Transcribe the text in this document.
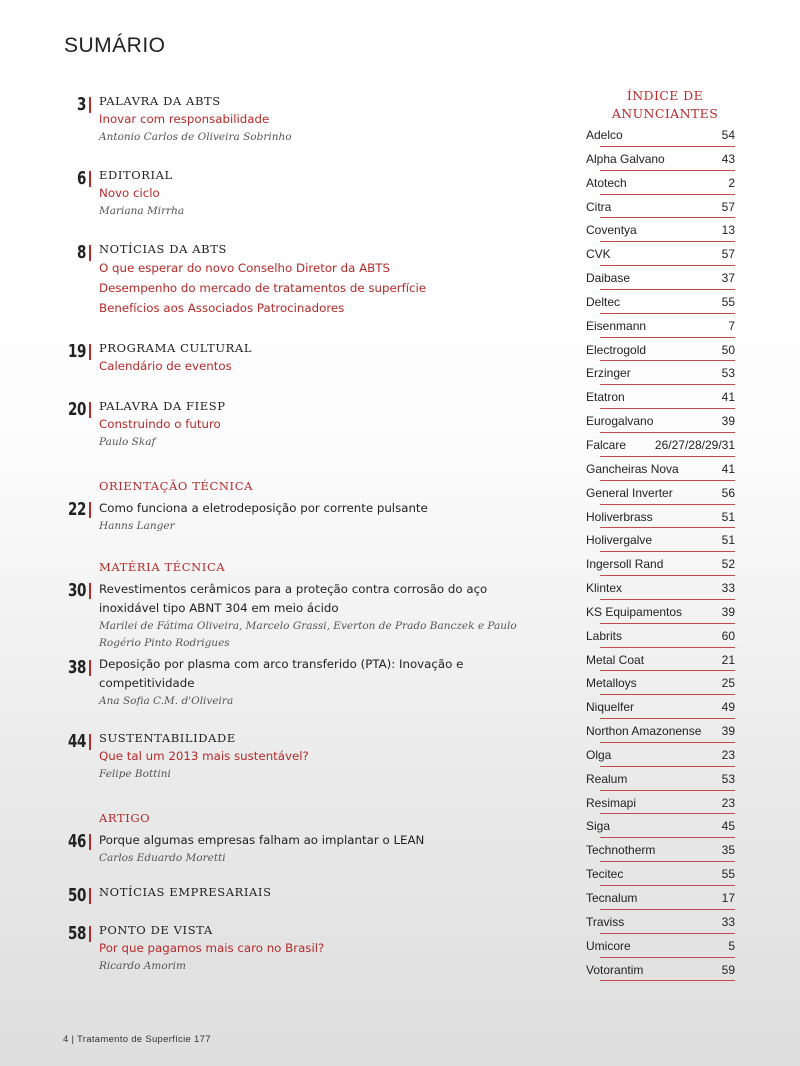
SUMÁRIO
3 PALAVRA DA ABTS
Inovar com responsabilidade
Antonio Carlos de Oliveira Sobrinho
6 EDITORIAL
Novo ciclo
Mariana Mirrha
8 NOTÍCIAS DA ABTS
O que esperar do novo Conselho Diretor da ABTS
Desempenho do mercado de tratamentos de superfície
Benefícios aos Associados Patrocinadores
19 PROGRAMA CULTURAL
Calendário de eventos
20 PALAVRA DA FIESP
Construindo o futuro
Paulo Skaf
22
ORIENTAÇÃO TÉCNICA
Como funciona a eletrodeposição por corrente pulsante
Hanns Langer
30
MATÉRIA TÉCNICA
Revestimentos cerâmicos para a proteção contra corrosão do aço inoxidável tipo ABNT 304 em meio ácido
Marilei de Fátima Oliveira, Marcelo Grassi, Everton de Prado Banczek e Paulo Rogério Pinto Rodrigues
38 Deposição por plasma com arco transferido (PTA): Inovação e competitividade
Ana Sofia C.M. d'Oliveira
44 SUSTENTABILIDADE
Que tal um 2013 mais sustentável?
Felipe Bottini
46
ARTIGO
Porque algumas empresas falham ao implantar o LEAN
Carlos Eduardo Moretti
50 NOTÍCIAS EMPRESARIAIS
58 PONTO DE VISTA
Por que pagamos mais caro no Brasil?
Ricardo Amorim
ÍNDICE DE
ANUNCIANTES
Adelco	54
Alpha Galvano	43
Atotech	2
Citra	57
Coventya	13
CVK	57
Daibase	37
Deltec	55
Eisenmann	7
Electrogold	50
Erzinger	53
Etatron	41
Eurogalvano	39
Falcare 26/27/28/29/31
Gancheiras Nova	41
General Inverter	56
Holiverbrass	51
Holivergalve	51
Ingersoll Rand	52
Klintex	33
KS Equipamentos	39
Labrits	60
Metal Coat	21
Metalloys	25
Niquelfer	49
Northon Amazonense 39
Olga	23
Realum	53
Resimapi	23
Siga	45
Technotherm	35
Tecitec	55
Tecnalum	17
Traviss	33
Umicore	5
Votorantim	59
4 | Tratamento de Superfície 177
